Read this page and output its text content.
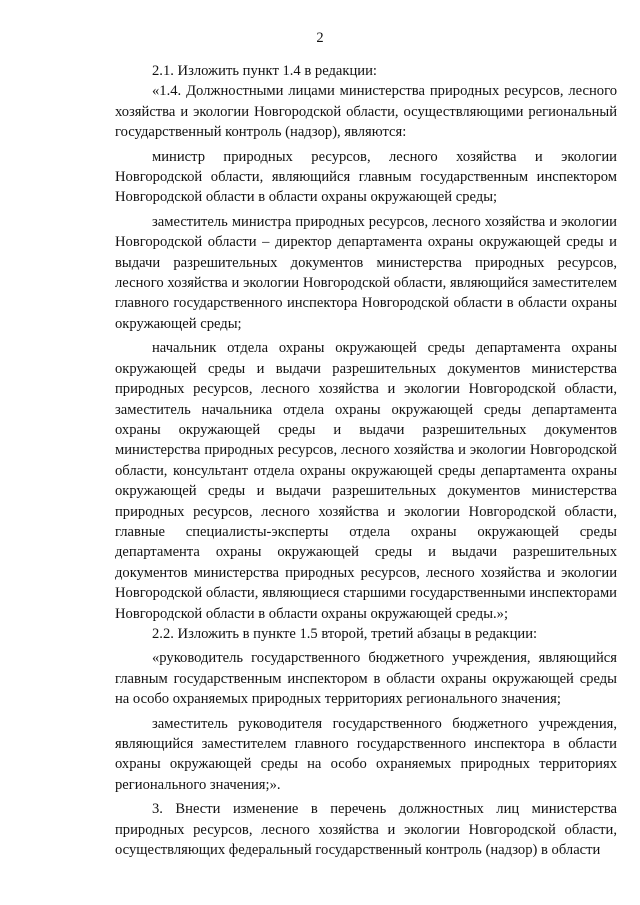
2

2.1. Изложить пункт 1.4 в редакции:

«1.4. Должностными лицами министерства природных ресурсов, лесного хозяйства и экологии Новгородской области, осуществляющими региональный государственный контроль (надзор), являются:

министр природных ресурсов, лесного хозяйства и экологии Новгородской области, являющийся главным государственным инспектором Новгородской области в области охраны окружающей среды;

заместитель министра природных ресурсов, лесного хозяйства и экологии Новгородской области – директор департамента охраны окружающей среды и выдачи разрешительных документов министерства природных ресурсов, лесного хозяйства и экологии Новгородской области, являющийся заместителем главного государственного инспектора Новгородской области в области охраны окружающей среды;

начальник отдела охраны окружающей среды департамента охраны окружающей среды и выдачи разрешительных документов министерства природных ресурсов, лесного хозяйства и экологии Новгородской области, заместитель начальника отдела охраны окружающей среды департамента охраны окружающей среды и выдачи разрешительных документов министерства природных ресурсов, лесного хозяйства и экологии Новгородской области, консультант отдела охраны окружающей среды департамента охраны окружающей среды и выдачи разрешительных документов министерства природных ресурсов, лесного хозяйства и экологии Новгородской области, главные специалисты-эксперты отдела охраны окружающей среды департамента охраны окружающей среды и выдачи разрешительных документов министерства природных ресурсов, лесного хозяйства и экологии Новгородской области, являющиеся старшими государственными инспекторами Новгородской области в области охраны окружающей среды.»;

2.2. Изложить в пункте 1.5 второй, третий абзацы в редакции:

«руководитель государственного бюджетного учреждения, являющийся главным государственным инспектором в области охраны окружающей среды на особо охраняемых природных территориях регионального значения;

заместитель руководителя государственного бюджетного учреждения, являющийся заместителем главного государственного инспектора в области охраны окружающей среды на особо охраняемых природных территориях регионального значения;».

3. Внести изменение в перечень должностных лиц министерства природных ресурсов, лесного хозяйства и экологии Новгородской области, осуществляющих федеральный государственный контроль (надзор) в области
